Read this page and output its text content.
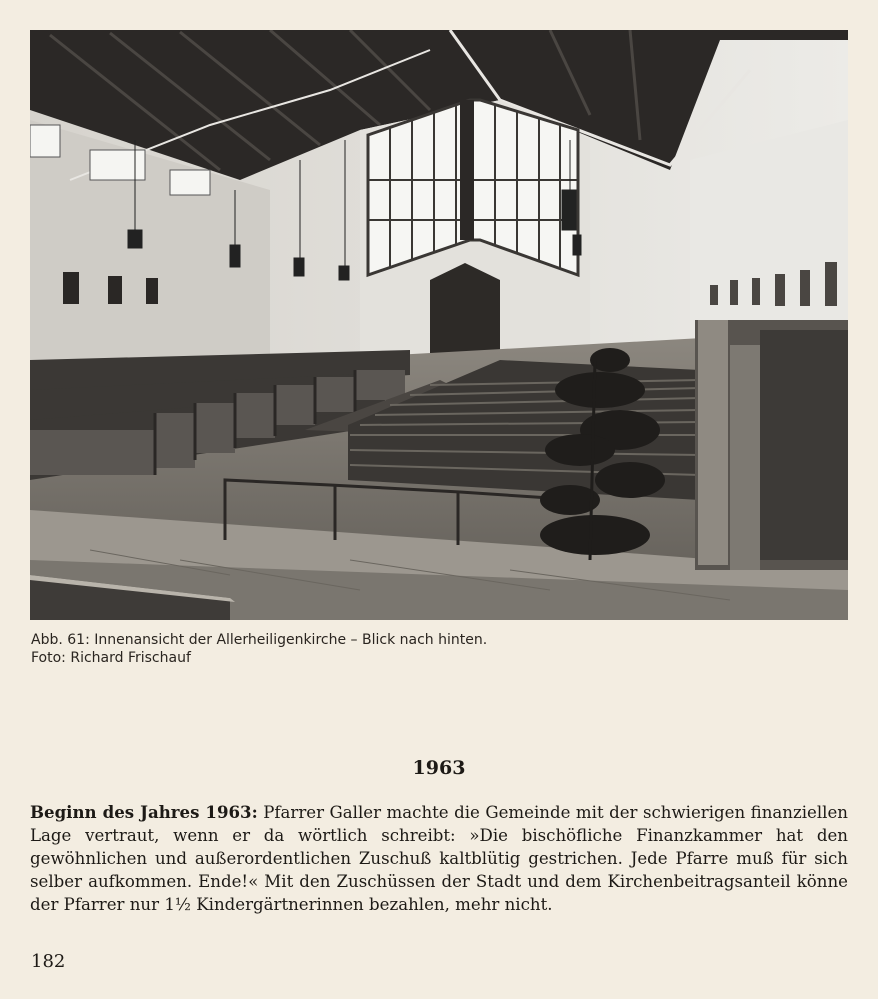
Abb. 61: Innenansicht der Allerheiligenkirche – Blick nach hinten.
Foto: Richard Frischauf
1963
Beginn des Jahres 1963: Pfarrer Galler machte die Gemeinde mit der schwierigen finanziellen Lage vertraut, wenn er da wörtlich schreibt: »Die bischöfliche Finanzkammer hat den gewöhnlichen und außerordentlichen Zuschuß kaltblütig gestrichen. Jede Pfarre muß für sich selber aufkommen. Ende!« Mit den Zuschüssen der Stadt und dem Kirchenbeitragsanteil könne der Pfarrer nur 1½ Kindergärtnerinnen bezahlen, mehr nicht.
182
